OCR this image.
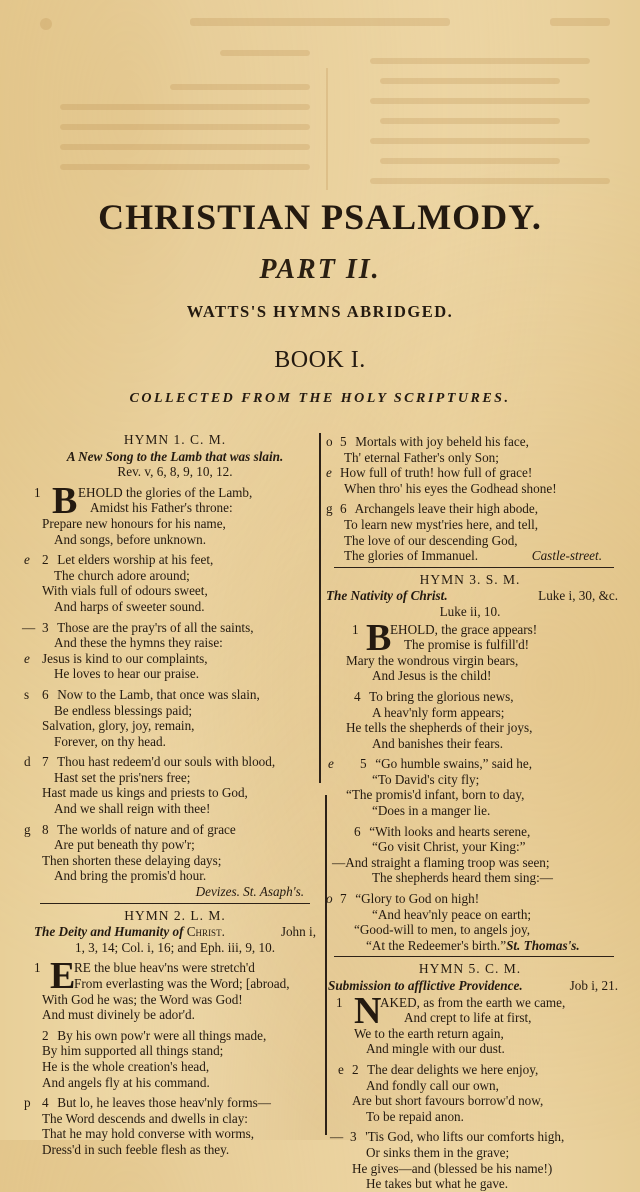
CHRISTIAN PSALMODY.
PART II.
WATTS'S HYMNS ABRIDGED.
BOOK I.
COLLECTED FROM THE HOLY SCRIPTURES.
HYMN 1. C. M.
A New Song to the Lamb that was slain.
Rev. v, 6, 8, 9, 10, 12.
1 B EHOLD the glories of the Lamb,
Amidst his Father's throne:
Prepare new honours for his name,
And songs, before unknown.
e 2 Let elders worship at his feet,
The church adore around;
With vials full of odours sweet,
And harps of sweeter sound.
— 3 Those are the pray'rs of all the saints,
And these the hymns they raise:
e Jesus is kind to our complaints,
He loves to hear our praise.
s 6 Now to the Lamb, that once was slain,
Be endless blessings paid;
Salvation, glory, joy, remain,
Forever, on thy head.
d 7 Thou hast redeem'd our souls with blood,
Hast set the pris'ners free;
Hast made us kings and priests to God,
And we shall reign with thee!
g 8 The worlds of nature and of grace
Are put beneath thy pow'r;
Then shorten these delaying days;
And bring the promis'd hour.
Devizes. St. Asaph's.
HYMN 2. L. M.
The Deity and Humanity of Christ.	John i,
1, 3, 14; Col. i, 16; and Eph. iii, 9, 10.
1 E
RE the blue heav'ns were stretch'd
From everlasting was the Word; [abroad,
With God he was; the Word was God!
And must divinely be ador'd.
2 By his own pow'r were all things made,
By him supported all things stand;
He is the whole creation's head,
And angels fly at his command.
p 4 But lo, he leaves those heav'nly forms—
The Word descends and dwells in clay:
That he may hold converse with worms,
Dress'd in such feeble flesh as they.
o 5 Mortals with joy beheld his face,
Th' eternal Father's only Son;
e How full of truth! how full of grace!
When thro' his eyes the Godhead shone!
g 6 Archangels leave their high abode,
To learn new myst'ries here, and tell,
The love of our descending God,
The glories of Immanuel.	Castle-street.
HYMN 3. S. M.
The Nativity of Christ.	Luke i, 30, &c.
Luke ii, 10.
1 B
EHOLD, the grace appears!
The promise is fulfill'd!
Mary the wondrous virgin bears,
And Jesus is the child!
4 To bring the glorious news,
A heav'nly form appears;
He tells the shepherds of their joys,
And banishes their fears.
e 5 “Go humble swains,” said he,
“To David's city fly;
“The promis'd infant, born to day,
“Does in a manger lie.
6 “With looks and hearts serene,
“Go visit Christ, your King:”
—And straight a flaming troop was seen;
The shepherds heard them sing:—
o 7 “Glory to God on high!
“And heav'nly peace on earth;
“Good-will to men, to angels joy,
“At the Redeemer's birth.”St. Thomas's.
HYMN 5. C. M.
Submission to afflictive Providence.	Job i, 21.
1 N
AKED, as from the earth we came,
And crept to life at first,
We to the earth return again,
And mingle with our dust.
e 2 The dear delights we here enjoy,
And fondly call our own,
Are but short favours borrow'd now,
To be repaid anon.
— 3 'Tis God, who lifts our comforts high,
Or sinks them in the grave;
He gives—and (blessed be his name!)
He takes but what he gave.
